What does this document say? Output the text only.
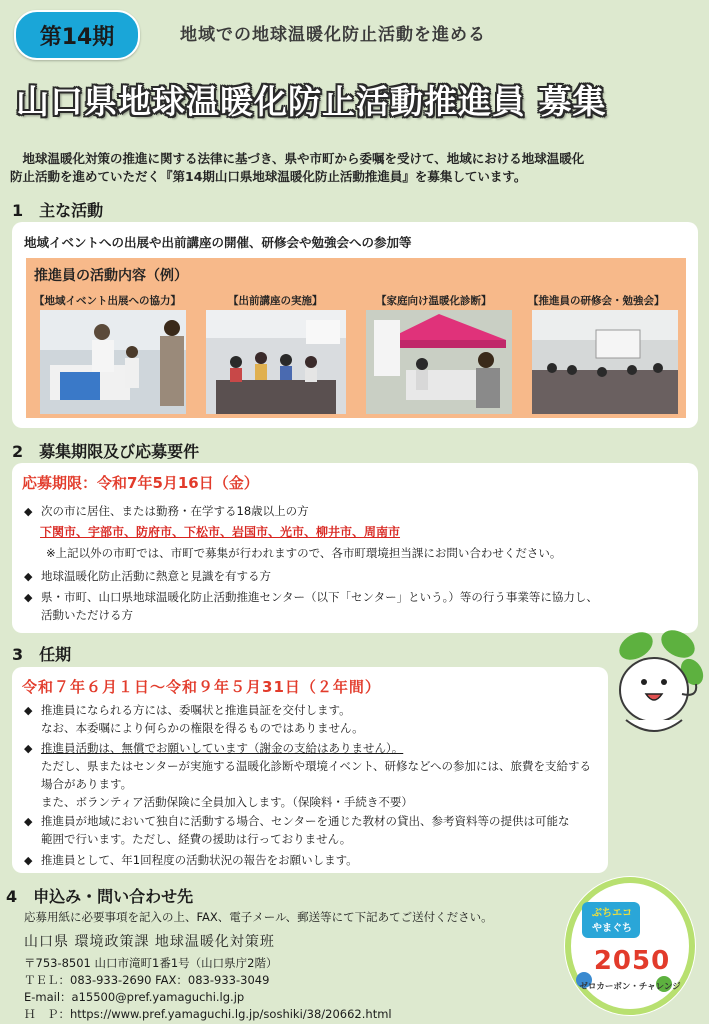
第14期	地域での地球温暖化防止活動を進める
山口県地球温暖化防止活動推進員 募集
　地球温暖化対策の推進に関する法律に基づき、県や市町から委嘱を受けて、地域における地球温暖化
防止活動を進めていただく『第14期山口県地球温暖化防止活動推進員』を募集しています。
1　主な活動
地域イベントへの出展や出前講座の開催、研修会や勉強会への参加等
推進員の活動内容（例）
【地域イベント出展への協力】	【出前講座の実施】	【家庭向け温暖化診断】	【推進員の研修会・勉強会】
2　募集期限及び応募要件
応募期限：令和7年5月16日（金）
◆ 次の市に居住、または勤務・在学する18歳以上の方
下関市、宇部市、防府市、下松市、岩国市、光市、柳井市、周南市
※上記以外の市町では、市町で募集が行われますので、各市町環境担当課にお問い合わせください。
◆ 地球温暖化防止活動に熱意と見識を有する方
◆ 県・市町、山口県地球温暖化防止活動推進センター（以下「センター」という。）等の行う事業等に協力し、
活動いただける方
3　任期
令和７年６月１日～令和９年５月31日（２年間）
◆ 推進員になられる方には、委嘱状と推進員証を交付します。
なお、本委嘱により何らかの権限を得るものではありません。
◆ 推進員活動は、無償でお願いしています（謝金の支給はありません）。
ただし、県またはセンターが実施する温暖化診断や環境イベント、研修などへの参加には、旅費を支給する
場合があります。
また、ボランティア活動保険に全員加入します。（保険料・手続き不要）
◆ 推進員が地域において独自に活動する場合、センターを通じた教材の貸出、参考資料等の提供は可能な
範囲で行います。ただし、経費の援助は行っておりません。
◆ 推進員として、年1回程度の活動状況の報告をお願いします。
4　申込み・問い合わせ先
応募用紙に必要事項を記入の上、FAX、電子メール、郵送等にて下記あてご送付ください。
山口県 環境政策課 地球温暖化対策班
〒753-8501 山口市滝町1番1号（山口県庁2階）
ＴＥＬ：083-933-2690 FAX：083-933-3049
E-mail：a15500@pref.yamaguchi.lg.jp
Ｈ　Ｐ：https://www.pref.yamaguchi.lg.jp/soshiki/38/20662.html
ぶちエコ
やまぐち
2050
ゼロカーボン・チャレンジ
